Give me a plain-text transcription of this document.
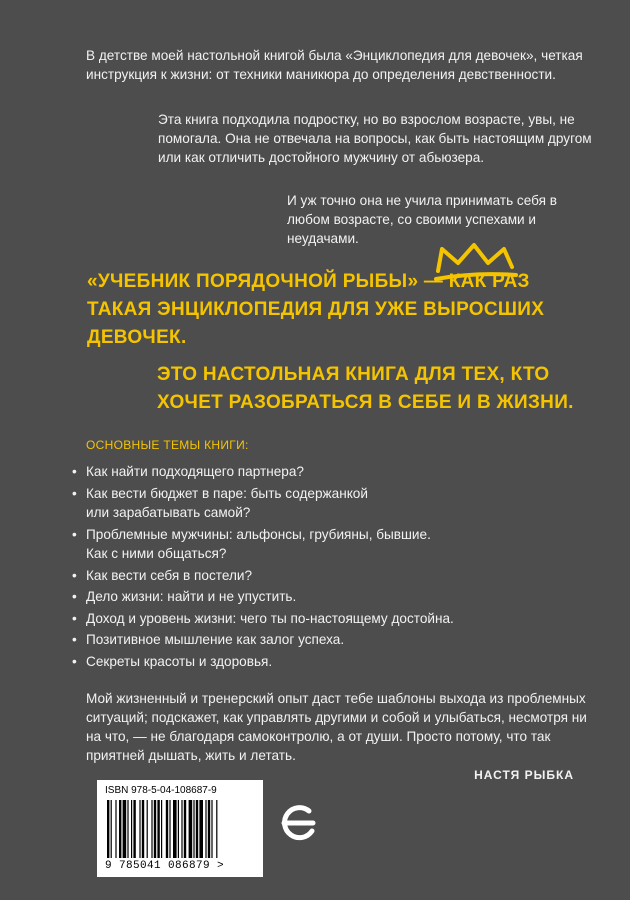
В детстве моей настольной книгой была «Энциклопедия для девочек», четкая инструкция к жизни: от техники маникюра до определения девственности.

Эта книга подходила подростку, но во взрослом возрасте, увы, не помогала. Она не отвечала на вопросы, как быть настоящим другом или как отличить достойного мужчину от абьюзера.

И уж точно она не учила принимать себя в любом возрасте, со своими успехами и неудачами.

«УЧЕБНИК ПОРЯДОЧНОЙ РЫБЫ» — КАК РАЗ ТАКАЯ ЭНЦИКЛОПЕДИЯ ДЛЯ УЖЕ ВЫРОСШИХ ДЕВОЧЕК.

ЭТО НАСТОЛЬНАЯ КНИГА ДЛЯ ТЕХ, КТО ХОЧЕТ РАЗОБРАТЬСЯ В СЕБЕ И В ЖИЗНИ.

ОСНОВНЫЕ ТЕМЫ КНИГИ:

• Как найти подходящего партнера?
• Как вести бюджет в паре: быть содержанкой
или зарабатывать самой?
• Проблемные мужчины: альфонсы, грубияны, бывшие.
Как с ними общаться?
• Как вести себя в постели?
• Дело жизни: найти и не упустить.
• Доход и уровень жизни: чего ты по-настоящему достойна.
• Позитивное мышление как залог успеха.
• Секреты красоты и здоровья.

Мой жизненный и тренерский опыт даст тебе шаблоны выхода из проблемных ситуаций; подскажет, как управлять другими и собой и улыбаться, несмотря ни на что, — не благодаря самоконтролю, а от души. Просто потому, что так приятней дышать, жить и летать.

НАСТЯ РЫБКА

ISBN 978-5-04-108687-9

9 785041 086879 >
